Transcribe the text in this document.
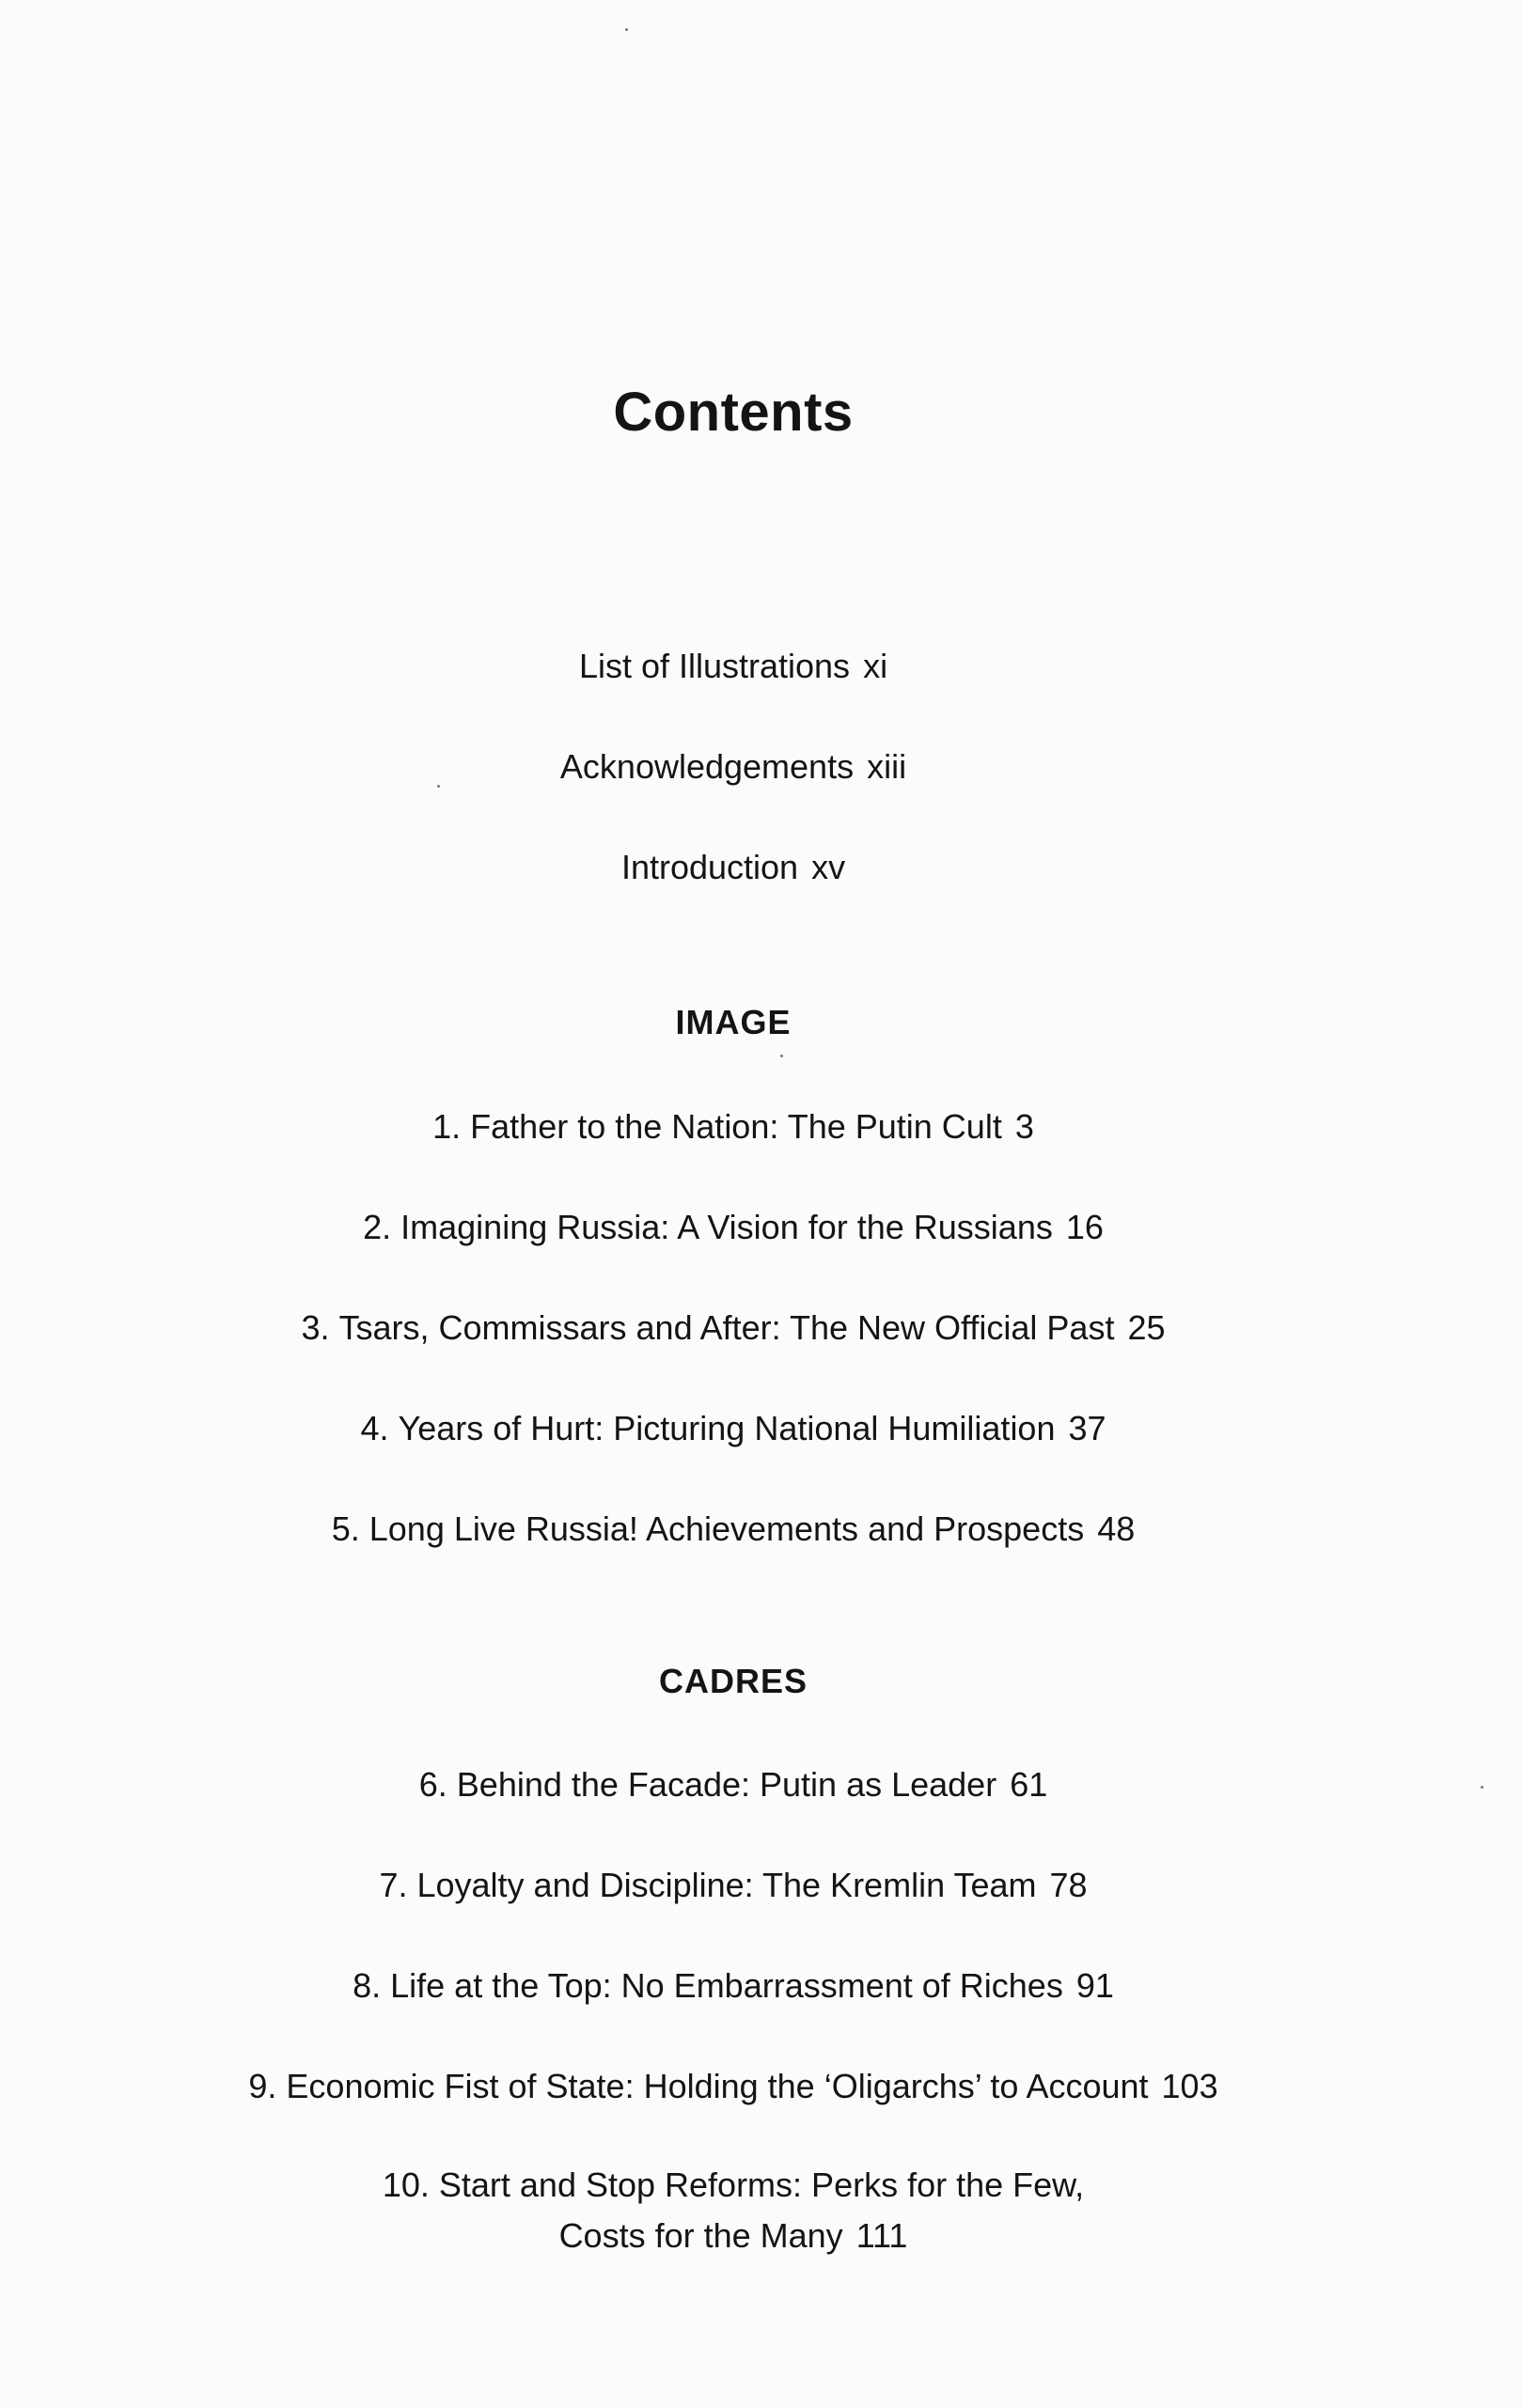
Contents
List of Illustrations xi
Acknowledgements xiii
Introduction xv
IMAGE
1. Father to the Nation: The Putin Cult 3
2. Imagining Russia: A Vision for the Russians 16
3. Tsars, Commissars and After: The New Official Past 25
4. Years of Hurt: Picturing National Humiliation 37
5. Long Live Russia! Achievements and Prospects 48
CADRES
6. Behind the Facade: Putin as Leader 61
7. Loyalty and Discipline: The Kremlin Team 78
8. Life at the Top: No Embarrassment of Riches 91
9. Economic Fist of State: Holding the ‘Oligarchs’ to Account 103
10. Start and Stop Reforms: Perks for the Few,
Costs for the Many 111
